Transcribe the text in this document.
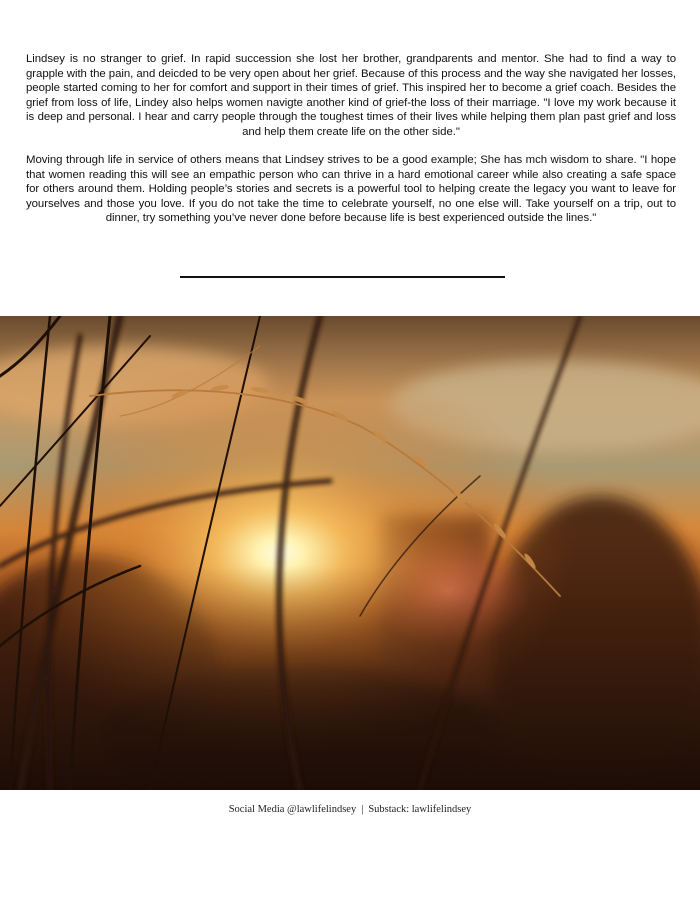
Lindsey is no stranger to grief. In rapid succession she lost her brother, grandparents and mentor. She had to find a way to grapple with the pain, and deicded to be very open about her grief. Because of this process and the way she navigated her losses, people started coming to her for comfort and support in their times of grief. This inspired her to become a grief coach. Besides the grief from loss of life, Lindey also helps women navigte another kind of grief-the loss of their marriage. "I love my work because it is deep and personal. I hear and carry people through the toughest times of their lives while helping them plan past grief and loss and help them create life on the other side."

Moving through life in service of others means that Lindsey strives to be a good example; She has mch wisdom to share. "I hope that women reading this will see an empathic person who can thrive in a hard emotional career while also creating a safe space for others around them. Holding people’s stories and secrets is a powerful tool to helping create the legacy you want to leave for yourselves and those you love. If you do not take the time to celebrate yourself, no one else will. Take yourself on a trip, out to dinner, try something you’ve never done before because life is best experienced outside the lines."

Social Media @lawlifelindsey | Substack: lawlifelindsey
